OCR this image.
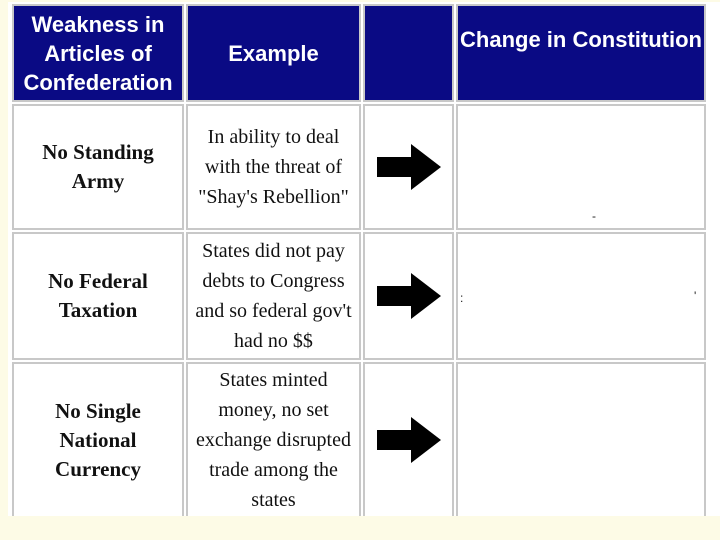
Weakness in Articles of Confederation
Example
Change in Constitution
No Standing Army
In ability to deal with the threat of "Shay's Rebellion"
No Federal Taxation
States did not pay debts to Congress and so federal gov't had no $$
No Single National Currency
States minted money, no set exchange disrupted trade among the states
-
:	'
